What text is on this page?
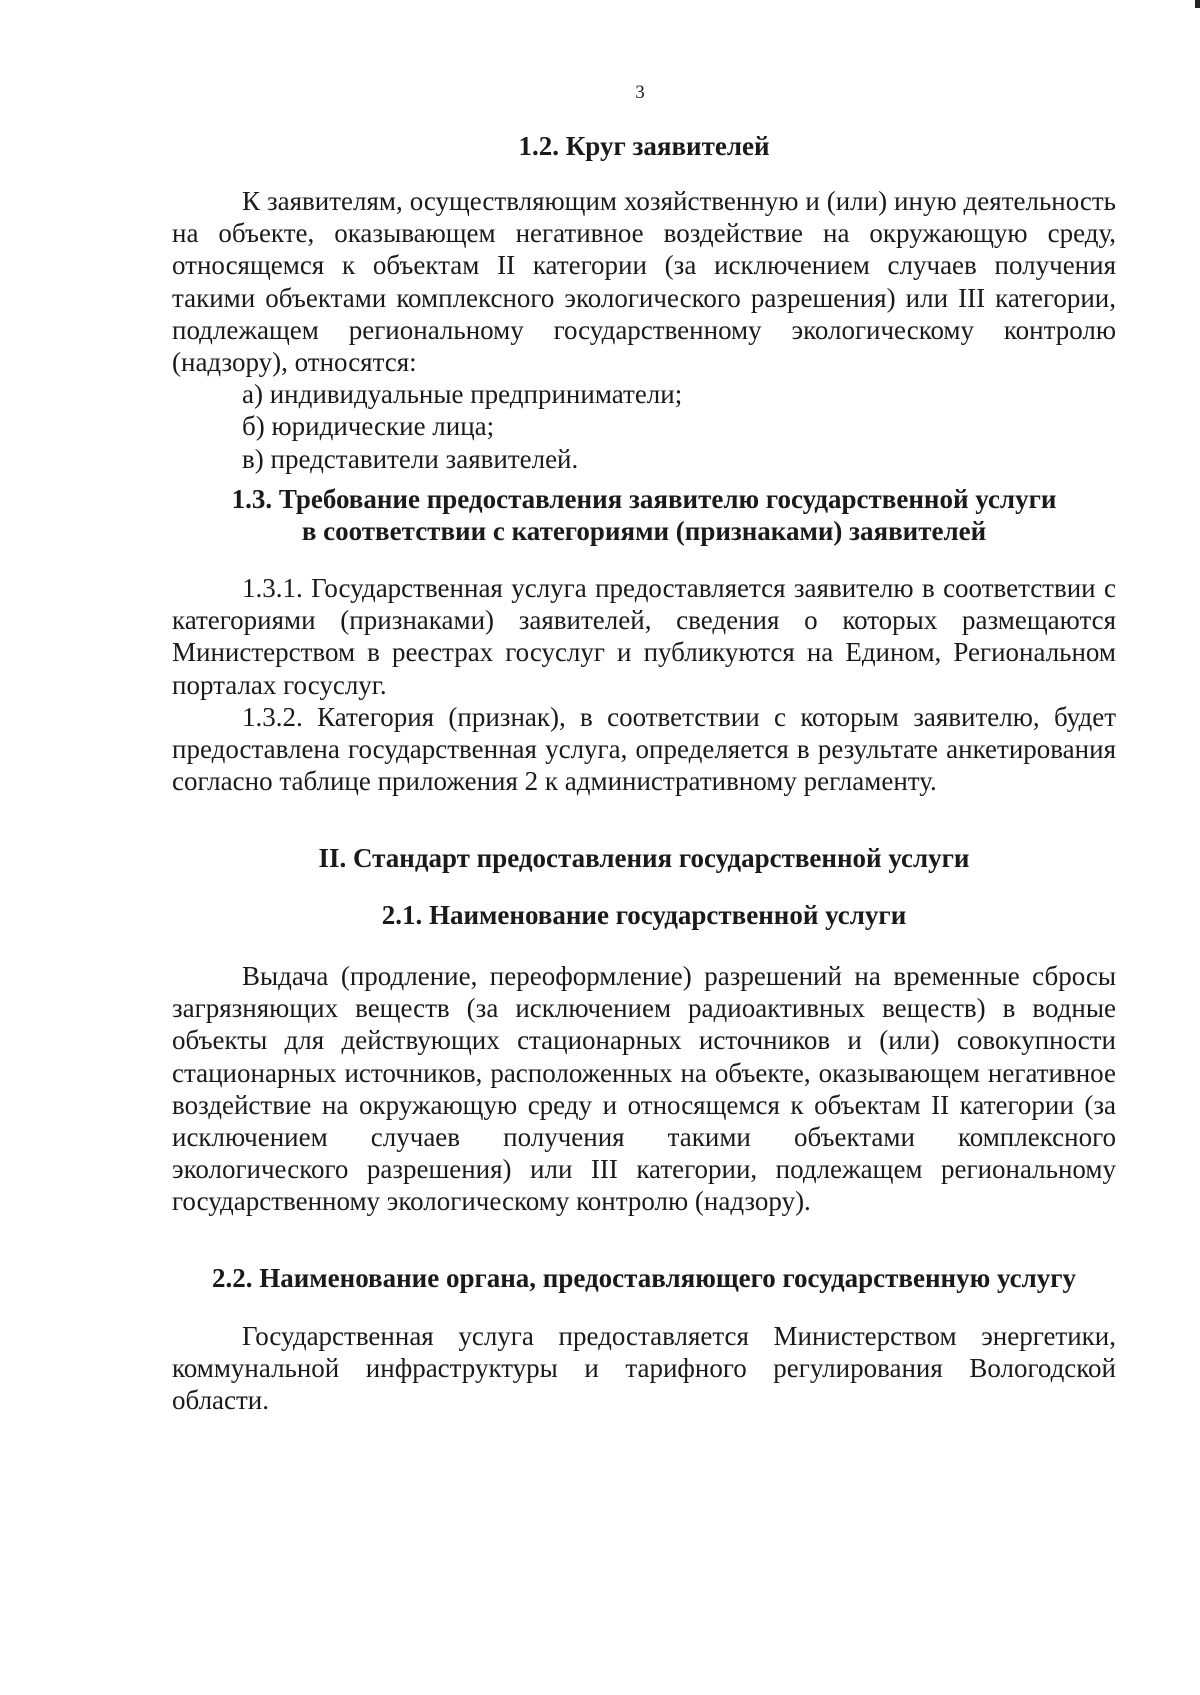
3
1.2. Круг заявителей

К заявителям, осуществляющим хозяйственную и (или) иную деятельность на объекте, оказывающем негативное воздействие на окружающую среду, относящемся к объектам II категории (за исключением случаев получения такими объектами комплексного экологического разрешения) или III категории, подлежащем региональному государственному экологическому контролю (надзору), относятся:

а) индивидуальные предприниматели;

б) юридические лица;

в) представители заявителей.

1.3. Требование предоставления заявителю государственной услуги
в соответствии с категориями (признаками) заявителей

1.3.1. Государственная услуга предоставляется заявителю в соответствии с категориями (признаками) заявителей, сведения о которых размещаются Министерством в реестрах госуслуг и публикуются на Едином, Региональном порталах госуслуг.

1.3.2. Категория (признак), в соответствии с которым заявителю, будет предоставлена государственная услуга, определяется в результате анкетирования согласно таблице приложения 2 к административному регламенту.

II. Стандарт предоставления государственной услуги
2.1. Наименование государственной услуги

Выдача (продление, переоформление) разрешений на временные сбросы загрязняющих веществ (за исключением радиоактивных веществ) в водные объекты для действующих стационарных источников и (или) совокупности стационарных источников, расположенных на объекте, оказывающем негативное воздействие на окружающую среду и относящемся к объектам II категории (за исключением случаев получения такими объектами комплексного экологического разрешения) или III категории, подлежащем региональному государственному экологическому контролю (надзору).

2.2. Наименование органа, предоставляющего государственную услугу

Государственная услуга предоставляется Министерством энергетики, коммунальной инфраструктуры и тарифного регулирования Вологодской области.
